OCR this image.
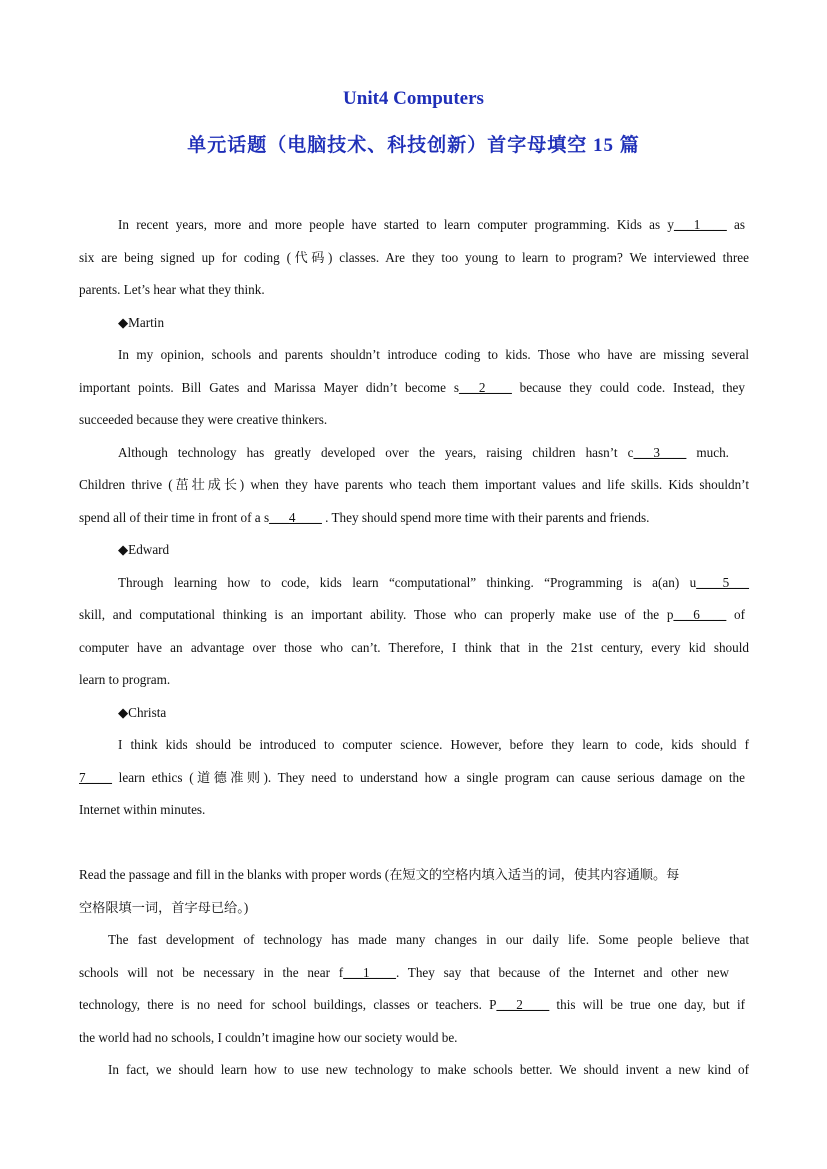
Unit4 Computers
单元话题（电脑技术、科技创新）首字母填空 15 篇
In recent years, more and more people have started to learn computer programming. Kids as y___1____ as
six are being signed up for coding (代码) classes. Are they too young to learn to program? We interviewed three
parents. Let’s hear what they think.
◆Martin
In my opinion, schools and parents shouldn’t introduce coding to kids. Those who have are missing several
important points. Bill Gates and Marissa Mayer didn’t become s___2____ because they could code. Instead, they
succeeded because they were creative thinkers.
Although technology has greatly developed over the years, raising children hasn’t c___3____ much.
Children thrive (茁壮成长) when they have parents who teach them important values and life skills. Kids shouldn’t
spend all of their time in front of a s___4____ . They should spend more time with their parents and friends.
◆Edward
Through learning how to code, kids learn “computational” thinking. “Programming is a(an) u____5___
skill, and computational thinking is an important ability. Those who can properly make use of the p___6____ of
computer have an advantage over those who can’t. Therefore, I think that in the 21st century, every kid should
learn to program.
◆Christa
I think kids should be introduced to computer science. However, before they learn to code, kids should f
7____ learn ethics (道德准则). They need to understand how a single program can cause serious damage on the
Internet within minutes.
Read the passage and fill in the blanks with proper words (在短文的空格内填入适当的词，使其内容通顺。每
空格限填一词，首字母已给。)
The fast development of technology has made many changes in our daily life. Some people believe that
schools will not be necessary in the near f___1____. They say that because of the Internet and other new
technology, there is no need for school buildings, classes or teachers. P___2____ this will be true one day, but if
the world had no schools, I couldn’t imagine how our society would be.
In fact, we should learn how to use new technology to make schools better. We should invent a new kind of
